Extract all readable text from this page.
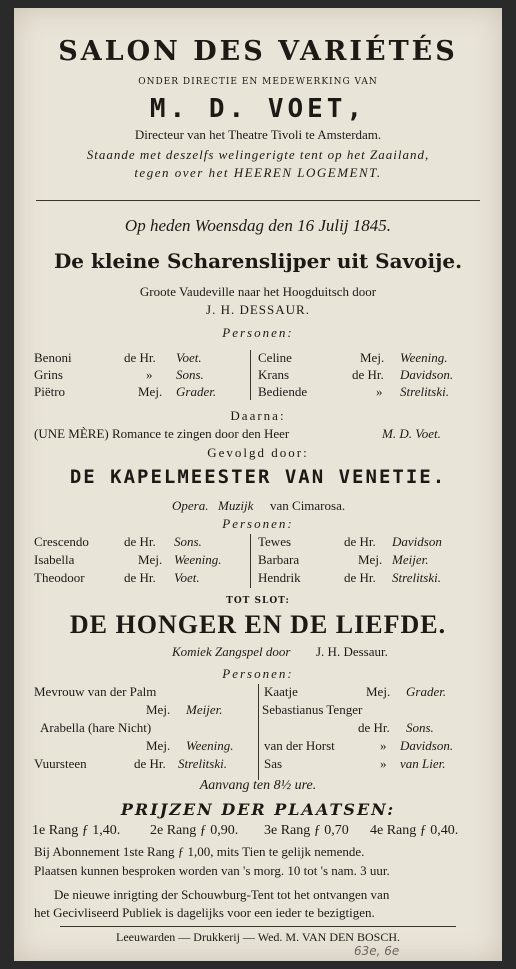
SALON DES VARIÉTÉS
ONDER DIRECTIE EN MEDEWERKING VAN
M. D. VOET,
Directeur van het Theatre Tivoli te Amsterdam.
Staande met deszelfs welingerigte tent op het Zaailand,
tegen over het HEEREN LOGEMENT.
Op heden Woensdag den 16 Julij 1845.
De kleine Scharenslijper uit Savoije.
Groote Vaudeville naar het Hoogduitsch door
J. H. DESSAUR.
Personen:
Benoni	de Hr. Voet.
Grins	» Sons.
Piëtro	Mej. Grader.
Celine	Mej. Weening.
Krans	de Hr. Davidson.
Bediende	» Strelitski.
Daarna:
(UNE MÈRE) Romance te zingen door den Heer	M. D. Voet.
Gevolgd door:
DE KAPELMEESTER VAN VENETIE.
Opera. Muzijk van Cimarosa.
Personen:
Crescendo	de Hr. Sons.
Isabella	Mej. Weening.
Theodoor	de Hr. Voet.
Tewes	de Hr. Davidson
Barbara	Mej. Meijer.
Hendrik	de Hr. Strelitski.
TOT SLOT:
DE HONGER EN DE LIEFDE.
Komiek Zangspel door J. H. Dessaur.
Personen:
Mevrouw van der Palm
Mej. Meijer.
Arabella (hare Nicht)
Mej. Weening.
Vuursteen	de Hr. Strelitski.
Kaatje	Mej. Grader.
Sebastianus Tenger
de Hr. Sons.
van der Horst	» Davidson.
Sas	» van Lier.
Aanvang ten 8½ ure.
PRIJZEN DER PLAATSEN:
1e Rang ƒ 1,40. 2e Rang ƒ 0,90. 3e Rang ƒ 0,70 4e Rang ƒ 0,40.
Bij Abonnement 1ste Rang ƒ 1,00, mits Tien te gelijk nemende.
Plaatsen kunnen besproken worden van 's morg. 10 tot 's nam. 3 uur.
De nieuwe inrigting der Schouwburg-Tent tot het ontvangen van
het Gecivliseerd Publiek is dagelijks voor een ieder te bezigtigen.
Leeuwarden — Drukkerij — Wed. M. VAN DEN BOSCH.
63e, 6e
